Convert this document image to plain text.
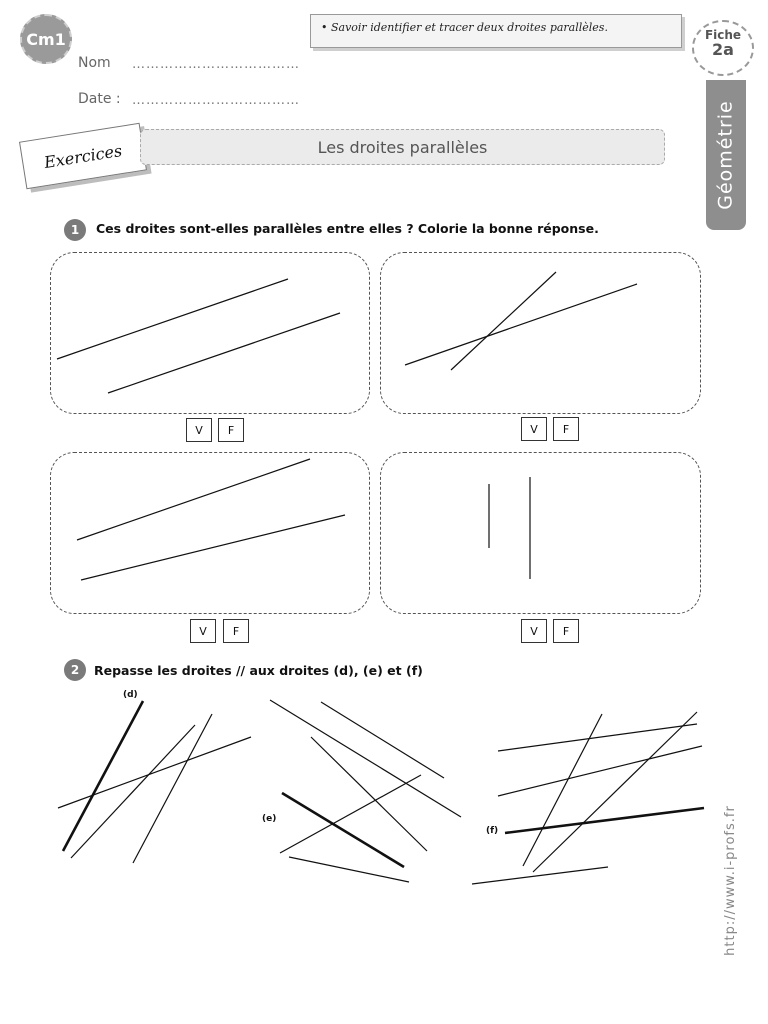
Cm1
Nom ………………………………
Date : ………………………………
• Savoir identifier et tracer deux droites parallèles.
Fiche
2a
Géométrie
Exercices	Les droites parallèles
1	Ces droites sont-elles parallèles entre elles ? Colorie la bonne réponse.
V	F	V	F
V	F	V	F
2	Repasse les droites // aux droites (d), (e) et (f)
(d)
(e)
(f)	http://www.i-profs.fr
